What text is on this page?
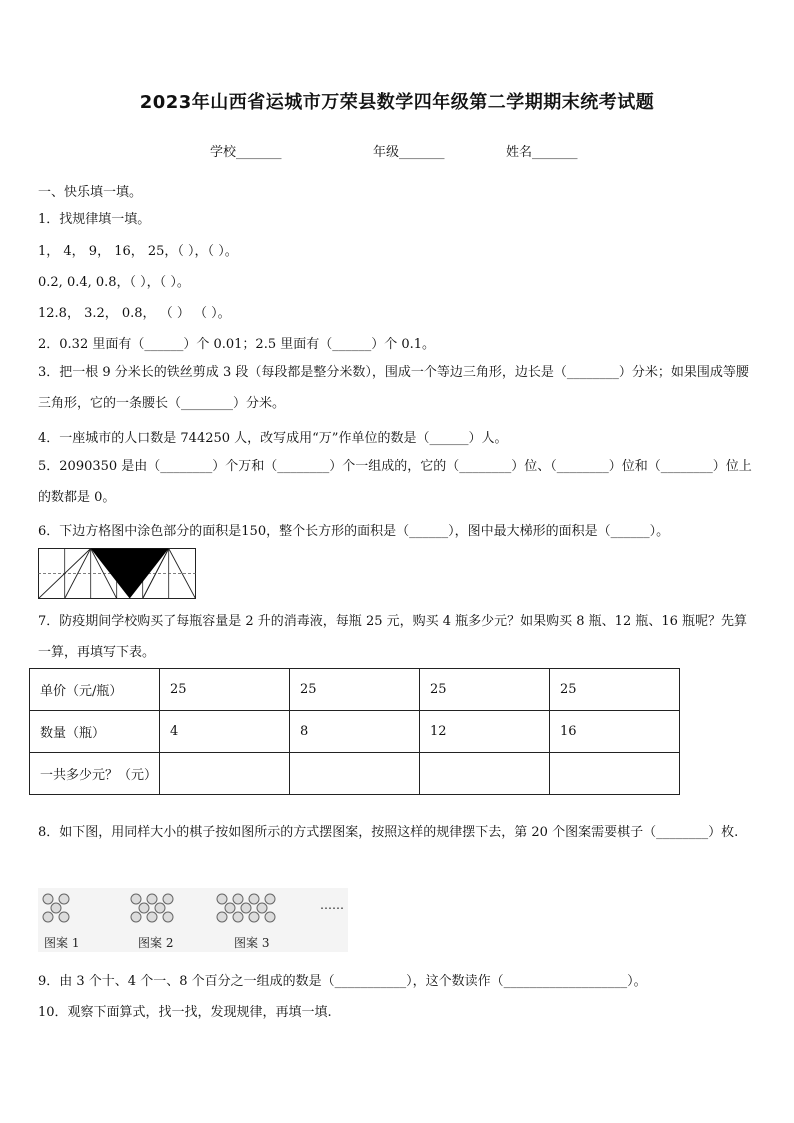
2023年山西省运城市万荣县数学四年级第二学期期末统考试题
学校_______	年级_______	姓名_______
一、快乐填一填。
1．找规律填一填。
1， 4， 9， 16， 25，（ ），（ ）。
0.2, 0.4, 0.8，（ ），（ ）。
12.8， 3.2， 0.8， （ ） （ ）。
2．0.32 里面有（______）个 0.01；2.5 里面有（______）个 0.1。
3．把一根 9 分米长的铁丝剪成 3 段（每段都是整分米数），围成一个等边三角形，边长是（________）分米；如果围成等腰三角形，它的一条腰长（________）分米。
4．一座城市的人口数是 744250 人，改写成用“万”作单位的数是（______）人。
5．2090350 是由（________）个万和（________）个一组成的，它的（________）位、（________）位和（________）位上的数都是 0。
6．下边方格图中涂色部分的面积是150，整个长方形的面积是（______），图中最大梯形的面积是（______）。
7．防疫期间学校购买了每瓶容量是 2 升的消毒液，每瓶 25 元，购买 4 瓶多少元？如果购买 8 瓶、12 瓶、16 瓶呢？先算一算，再填写下表。
单价（元/瓶）	25	25	25	25
数量（瓶）	4	8	12	16
一共多少元？（元）				
8．如下图，用同样大小的棋子按如图所示的方式摆图案，按照这样的规律摆下去，第 20 个图案需要棋子（________）枚.
图案 1	图案 2	图案 3
……
9．由 3 个十、4 个一、8 个百分之一组成的数是（___________），这个数读作（___________________）。
10．观察下面算式，找一找，发现规律，再填一填.
